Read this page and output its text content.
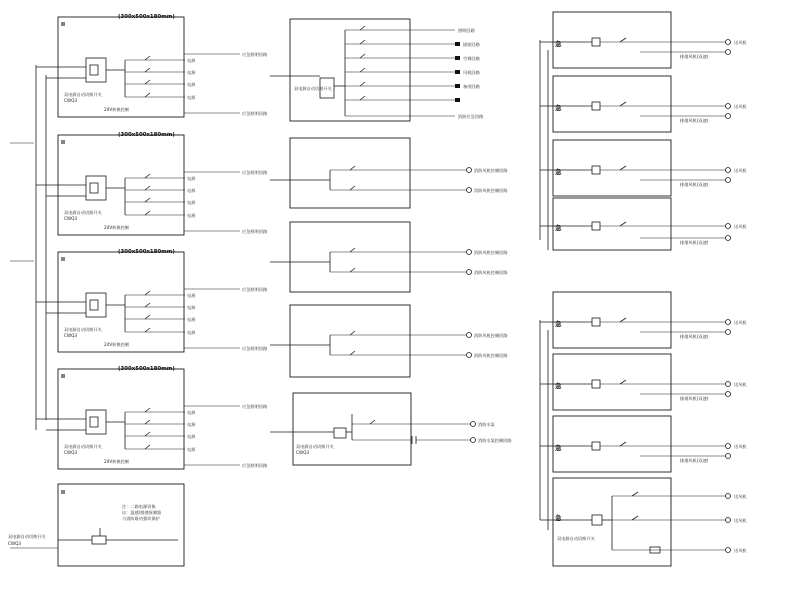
ⅠⅠ
(300x500x180mm)
电源
电源
电源
电源
双电源自动切换开关
CWQ3
24V转换控制
应急照明回路
应急照明回路
ⅠⅠ
(300x500x180mm)
电源
电源
电源
电源
双电源自动切换开关
CWQ3
24V转换控制
应急照明回路
应急照明回路
ⅠⅠ
(300x500x180mm)
电源
电源
电源
电源
双电源自动切换开关
CWQ3
24V转换控制
应急照明回路
应急照明回路
ⅠⅠ
(300x500x180mm)
电源
电源
电源
电源
双电源自动切换开关
CWQ3
24V转换控制
应急照明回路
应急照明回路
ⅠⅠ
双电源自动切换开关
CWQ3
注：二路电源切换
出：温感/烟感探测器
与消防联动强切保护
照明回路
插座回路
空调回路
风机回路
备用回路
消防应急回路
双电源自动切换开关
消防风机控制回路
消防风机控制回路
消防风机控制回路
消防风机控制回路
消防风机控制回路
消防风机控制回路
双电源自动切换开关
CWQ3
消防水泵
消防水泵控制回路
急	送风机
排烟风机(双速)
急	送风机
排烟风机(双速)
急	送风机
排烟风机(双速)
急	送风机
排烟风机(双速)
急	送风机
排烟风机(双速)
急	送风机
排烟风机(双速)
急	送风机
排烟风机(双速)
急
送风机
送风机
送风机
双电源自动切换开关
